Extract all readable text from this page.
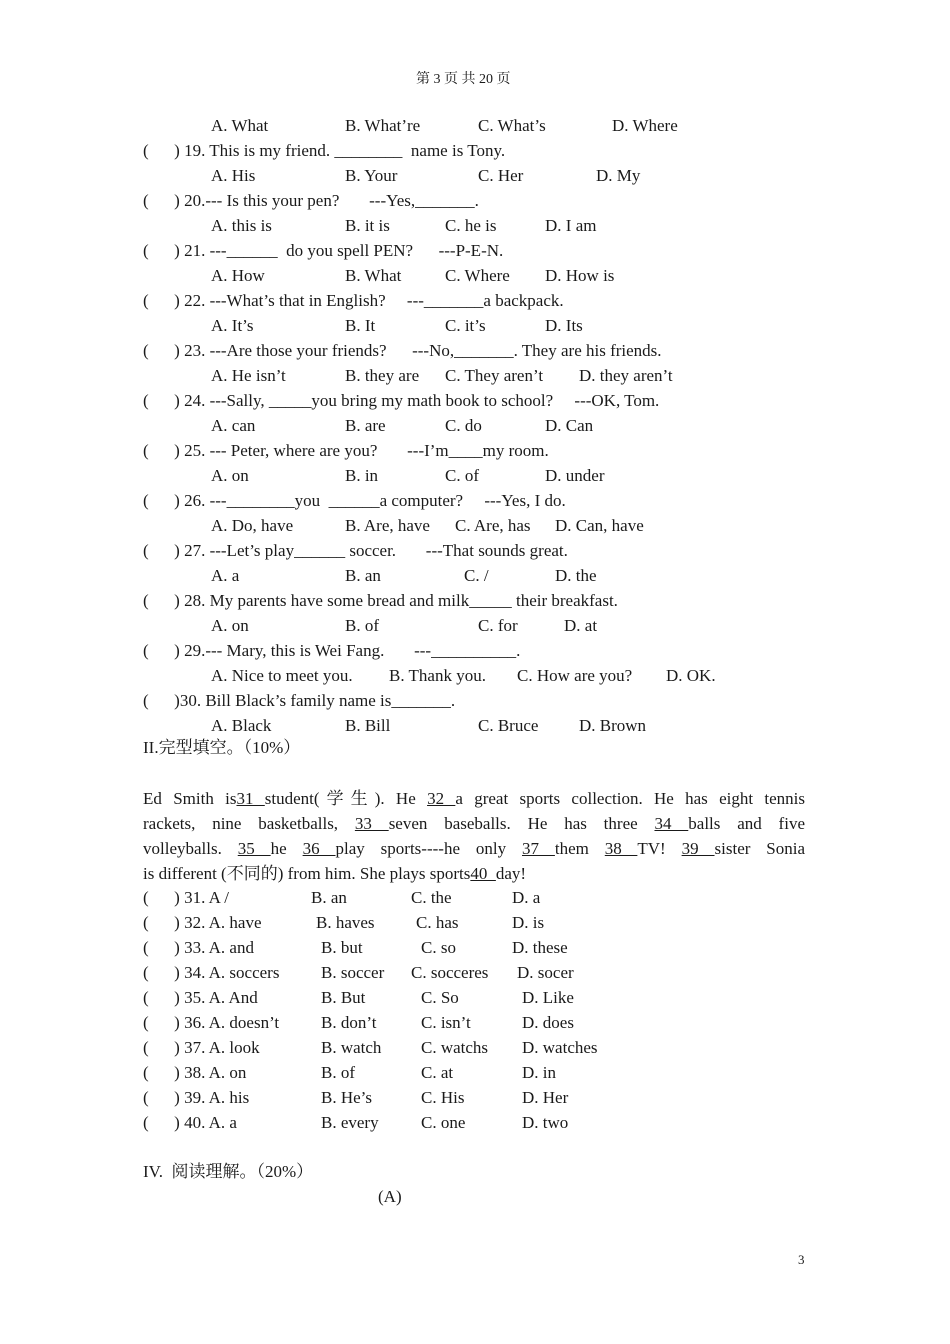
第 3 页 共 20 页
A. What	B. What’re	C. What’s	D. Where
(      ) 19. This is my friend. ________  name is Tony.
A. His	B. Your	C. Her	D. My
(      ) 20.--- Is this your pen?       ---Yes,_______.
A. this is	B. it is	C. he is	D. I am
(      ) 21. ---______  do you spell PEN?      ---P-E-N.
A. How	B. What	C. Where D. How is
(      ) 22. ---What’s that in English?     ---_______a backpack.
A. It’s	B. It	C. it’s	D. Its
(      ) 23. ---Are those your friends?      ---No,_______. They are his friends.
A. He isn’t	B. they are C. They aren’t D. they aren’t
(      ) 24. ---Sally, _____you bring my math book to school?     ---OK, Tom.
A. can	B. are	C. do	D. Can
(      ) 25. --- Peter, where are you?       ---I’m____my room.
A. on	B. in	C. of	D. under
(      ) 26. ---________you  ______a computer?     ---Yes, I do.
A. Do, have	B. Are, have C. Are, has D. Can, have
(      ) 27. ---Let’s play______ soccer.       ---That sounds great.
A. a	B. an	C. /	D. the
(      ) 28. My parents have some bread and milk_____ their breakfast.
A. on	B. of	C. for	D. at
(      ) 29.--- Mary, this is Wei Fang.       ---__________.
A. Nice to meet you. B. Thank you. C. How are you? D. OK.
(      )30. Bill Black’s family name is_______.
A. Black	B. Bill	C. Bruce D. Brown
II.完型填空。（10%）
Ed Smith is31 student(学生). He 32 a great sports collection. He has eight tennis
rackets, nine basketballs, 33 seven baseballs. He has three 34 balls and five
volleyballs. 35 he 36 play sports----he only 37 them 38 TV! 39 sister Sonia
is different (不同的) from him. She plays sports40  day!
(      ) 31. A /	B. an	C. the	D. a
(      ) 32. A. have	B. haves C. has	D. is
(      ) 33. A. and	B. but	C. so	D. these
(      ) 34. A. soccers B. soccer C. socceres D. socer
(      ) 35. A. And	B. But	C. So	D. Like
(      ) 36. A. doesn’t B. don’t	C. isn’t	D. does
(      ) 37. A. look	B. watch C. watchs D. watches
(      ) 38. A. on	B. of	C. at	D. in
(      ) 39. A. his	B. He’s	C. His	D. Her
(      ) 40. A. a	B. every C. one	D. two
IV.  阅读理解。（20%）
(A)
3
